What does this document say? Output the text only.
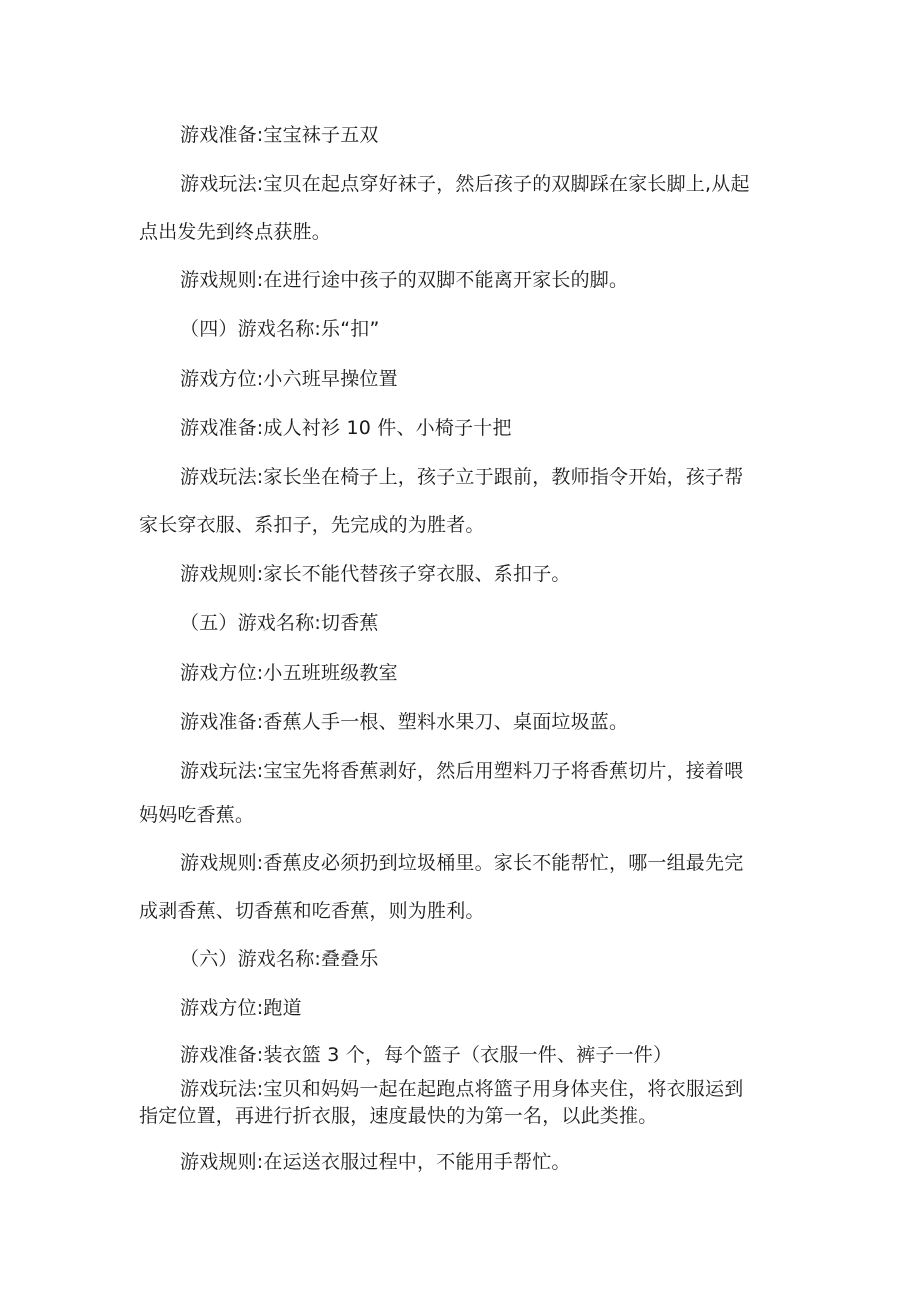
游戏准备:宝宝袜子五双
游戏玩法:宝贝在起点穿好袜子，然后孩子的双脚踩在家长脚上,从起
点出发先到终点获胜。
游戏规则:在进行途中孩子的双脚不能离开家长的脚。
（四）游戏名称:乐“扣”
游戏方位:小六班早操位置
游戏准备:成人衬衫 10 件、小椅子十把
游戏玩法:家长坐在椅子上，孩子立于跟前，教师指令开始，孩子帮
家长穿衣服、系扣子，先完成的为胜者。
游戏规则:家长不能代替孩子穿衣服、系扣子。
（五）游戏名称:切香蕉
游戏方位:小五班班级教室
游戏准备:香蕉人手一根、塑料水果刀、桌面垃圾蓝。
游戏玩法:宝宝先将香蕉剥好，然后用塑料刀子将香蕉切片，接着喂
妈妈吃香蕉。
游戏规则:香蕉皮必须扔到垃圾桶里。家长不能帮忙，哪一组最先完
成剥香蕉、切香蕉和吃香蕉，则为胜利。
（六）游戏名称:叠叠乐
游戏方位:跑道
游戏准备:装衣篮 3 个，每个篮子（衣服一件、裤子一件）
游戏玩法:宝贝和妈妈一起在起跑点将篮子用身体夹住，将衣服运到
指定位置，再进行折衣服，速度最快的为第一名，以此类推。
游戏规则:在运送衣服过程中，不能用手帮忙。
